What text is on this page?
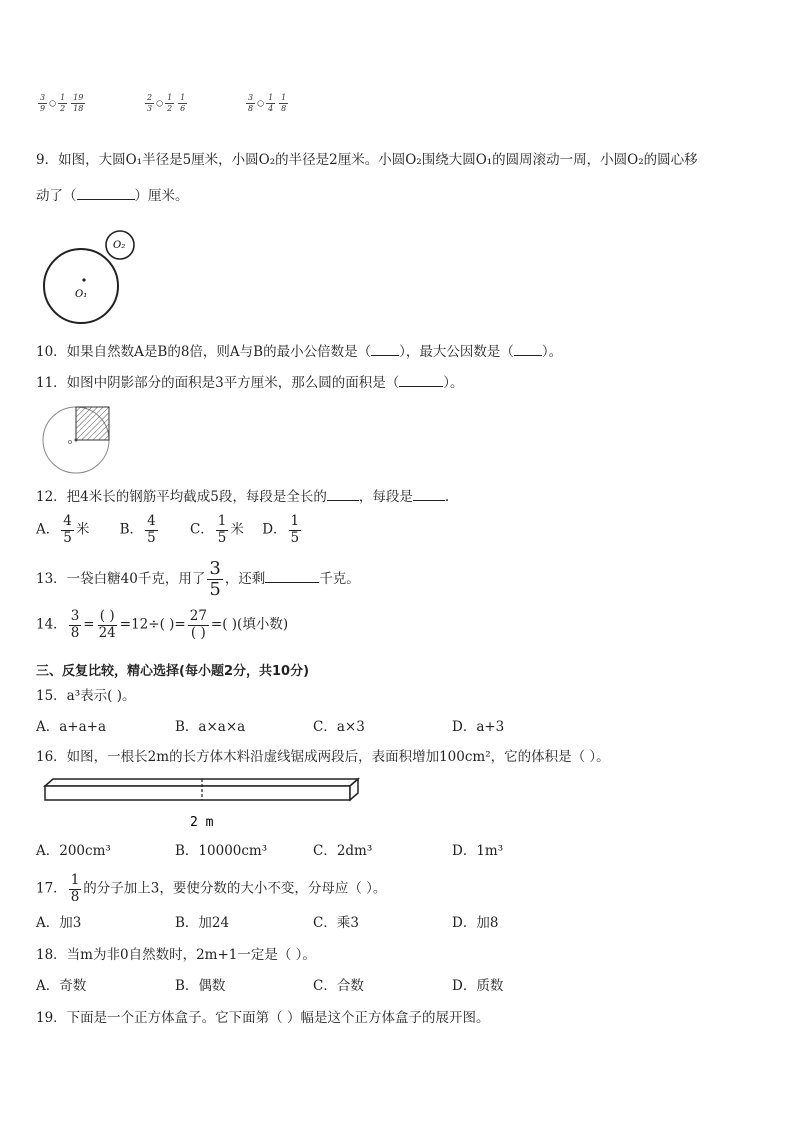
$\frac{3}{9}$ ○ $\frac{1}{2} \frac{19}{18}$	$\frac{2}{3}$ ○ $\frac{1}{2} \frac{1}{6}$	$\frac{3}{8}$ ○ $\frac{1}{4} \frac{1}{8}$
9．如图，大圆O₁半径是5厘米，小圆O₂的半径是2厘米。小圆O₂围绕大圆O₁的圆周滚动一周，小圆O₂的圆心移
动了（	）厘米。
O₁
O₂
10．如果自然数A是B的8倍，则A与B的最小公倍数是（ ），最大公因数是（ ）。
11．如图中阴影部分的面积是3平方厘米，那么圆的面积是（	）。
12．把4米长的钢筋平均截成5段，每段是全长的 ，每段是 .
A． $\frac{4}{5}$ 米 B． $\frac{4}{5}$ C． $\frac{1}{5}$ 米 D． $\frac{1}{5}$
13．一袋白糖40千克，用了 $\frac{3}{5}$ ，还剩	千克。
14． $\frac{3}{8} = \frac{( )}{24} =12\div$( )= $\frac{27}{( )}$ =( )(填小数)
三、反复比较，精心选择(每小题2分，共10分)
15．a³表示( )。
A．a+a+a	B．a×a×a	C．a×3	D．a+3
16．如图，一根长2m的长方体木料沿虚线锯成两段后，表面积增加100cm²，它的体积是（ ）。
2 m
A．200cm³	B．10000cm³	C．2dm³	D．1m³
17． $\frac{1}{8}$ 的分子加上3，要使分数的大小不变，分母应（ ）。
A．加3	B．加24	C．乘3	D．加8
18．当m为非0自然数时，2m+1一定是（ ）。
A．奇数	B．偶数	C．合数	D．质数
19．下面是一个正方体盒子。它下面第（ ）幅是这个正方体盒子的展开图。
